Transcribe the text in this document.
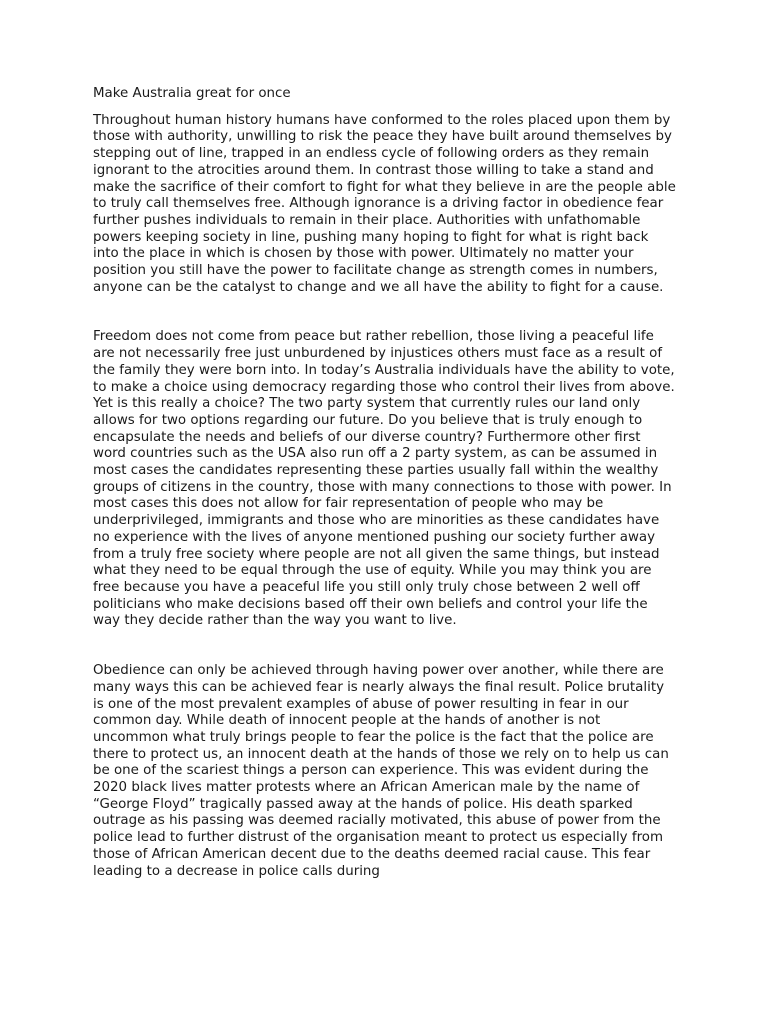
Make Australia great for once

Throughout human history humans have conformed to the roles placed upon them by those with authority, unwilling to risk the peace they have built around themselves by stepping out of line, trapped in an endless cycle of following orders as they remain ignorant to the atrocities around them. In contrast those willing to take a stand and make the sacrifice of their comfort to fight for what they believe in are the people able to truly call themselves free. Although ignorance is a driving factor in obedience fear further pushes individuals to remain in their place. Authorities with unfathomable powers keeping society in line, pushing many hoping to fight for what is right back into the place in which is chosen by those with power. Ultimately no matter your position you still have the power to facilitate change as strength comes in numbers, anyone can be the catalyst to change and we all have the ability to fight for a cause.

Freedom does not come from peace but rather rebellion, those living a peaceful life are not necessarily free just unburdened by injustices others must face as a result of the family they were born into. In today’s Australia individuals have the ability to vote, to make a choice using democracy regarding those who control their lives from above. Yet is this really a choice? The two party system that currently rules our land only allows for two options regarding our future. Do you believe that is truly enough to encapsulate the needs and beliefs of our diverse country? Furthermore other first word countries such as the USA also run off a 2 party system, as can be assumed in most cases the candidates representing these parties usually fall within the wealthy groups of citizens in the country, those with many connections to those with power. In most cases this does not allow for fair representation of people who may be underprivileged, immigrants and those who are minorities as these candidates have no experience with the lives of anyone mentioned pushing our society further away from a truly free society where people are not all given the same things, but instead what they need to be equal through the use of equity. While you may think you are free because you have a peaceful life you still only truly chose between 2 well off politicians who make decisions based off their own beliefs and control your life the way they decide rather than the way you want to live.

Obedience can only be achieved through having power over another, while there are many ways this can be achieved fear is nearly always the final result. Police brutality is one of the most prevalent examples of abuse of power resulting in fear in our common day. While death of innocent people at the hands of another is not uncommon what truly brings people to fear the police is the fact that the police are there to protect us, an innocent death at the hands of those we rely on to help us can be one of the scariest things a person can experience. This was evident during the 2020 black lives matter protests where an African American male by the name of “George Floyd” tragically passed away at the hands of police. His death sparked outrage as his passing was deemed racially motivated, this abuse of power from the police lead to further distrust of the organisation meant to protect us especially from those of African American decent due to the deaths deemed racial cause. This fear leading to a decrease in police calls during
